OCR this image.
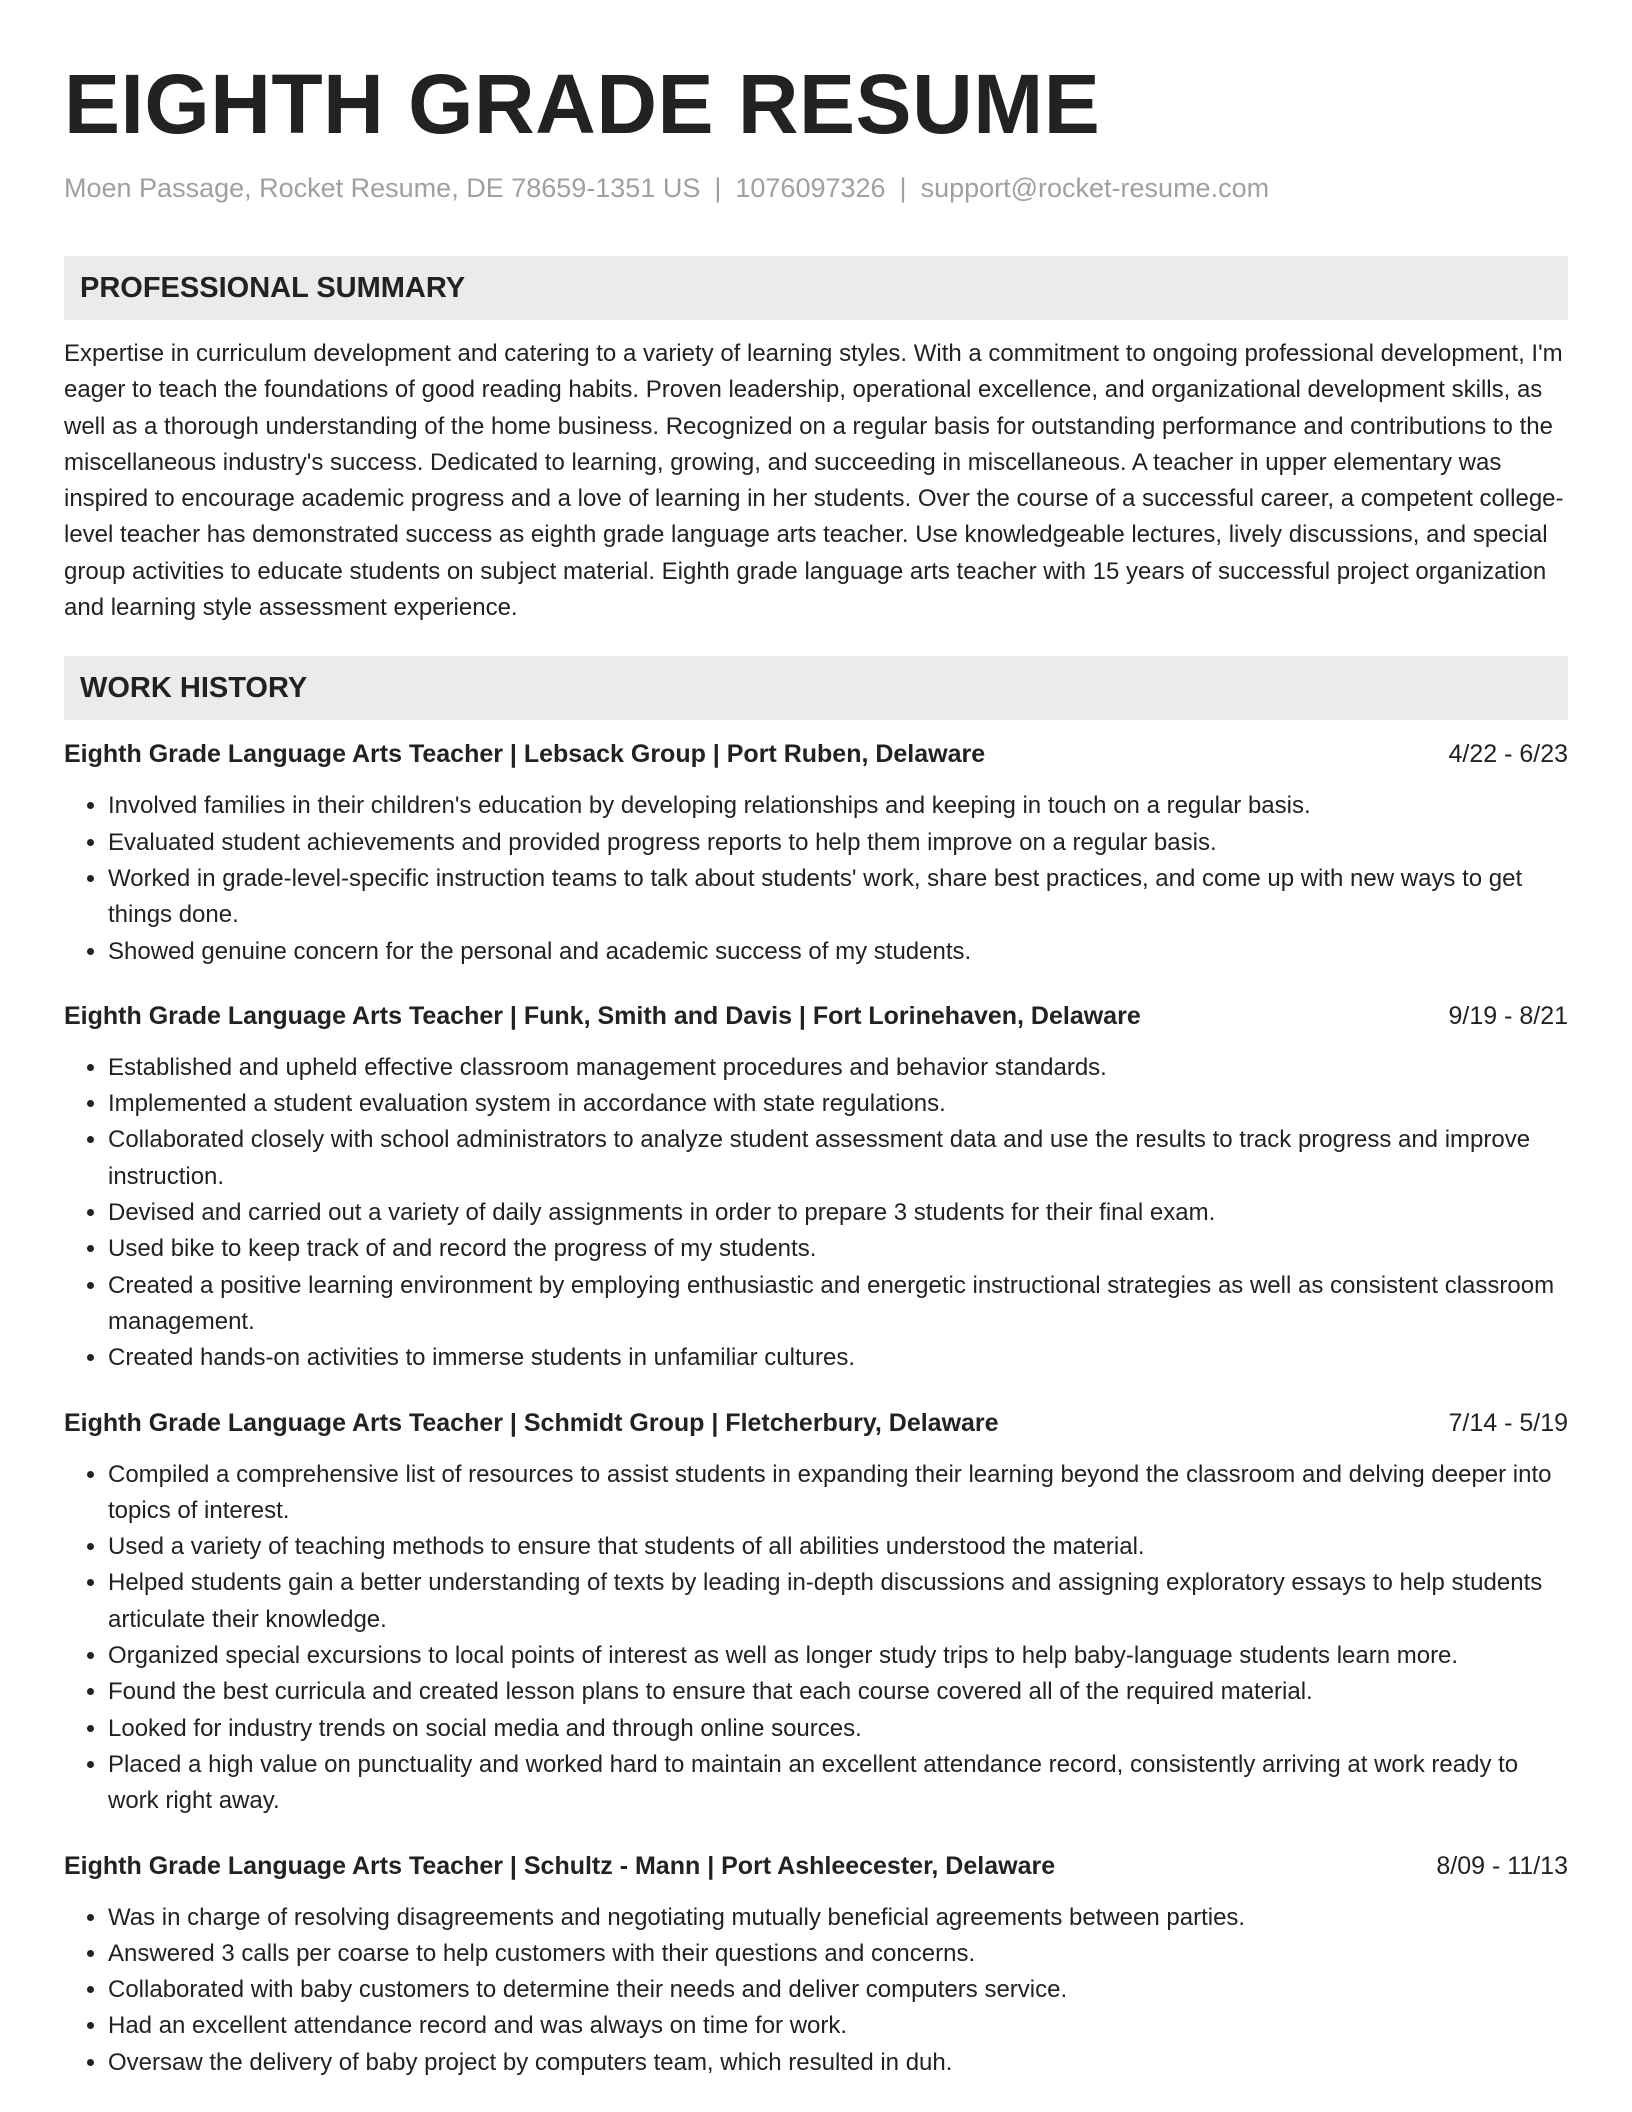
EIGHTH GRADE RESUME
Moen Passage, Rocket Resume, DE 78659-1351 US | 1076097326 | support@rocket-resume.com
PROFESSIONAL SUMMARY
Expertise in curriculum development and catering to a variety of learning styles. With a commitment to ongoing professional development, I'm eager to teach the foundations of good reading habits. Proven leadership, operational excellence, and organizational development skills, as well as a thorough understanding of the home business. Recognized on a regular basis for outstanding performance and contributions to the miscellaneous industry's success. Dedicated to learning, growing, and succeeding in miscellaneous. A teacher in upper elementary was inspired to encourage academic progress and a love of learning in her students. Over the course of a successful career, a competent college-level teacher has demonstrated success as eighth grade language arts teacher. Use knowledgeable lectures, lively discussions, and special group activities to educate students on subject material. Eighth grade language arts teacher with 15 years of successful project organization and learning style assessment experience.
WORK HISTORY
Eighth Grade Language Arts Teacher | Lebsack Group | Port Ruben, Delaware	4/22 - 6/23
• Involved families in their children's education by developing relationships and keeping in touch on a regular basis.
• Evaluated student achievements and provided progress reports to help them improve on a regular basis.
• Worked in grade-level-specific instruction teams to talk about students' work, share best practices, and come up with new ways to get things done.
• Showed genuine concern for the personal and academic success of my students.
Eighth Grade Language Arts Teacher | Funk, Smith and Davis | Fort Lorinehaven, Delaware	9/19 - 8/21
• Established and upheld effective classroom management procedures and behavior standards.
• Implemented a student evaluation system in accordance with state regulations.
• Collaborated closely with school administrators to analyze student assessment data and use the results to track progress and improve instruction.
• Devised and carried out a variety of daily assignments in order to prepare 3 students for their final exam.
• Used bike to keep track of and record the progress of my students.
• Created a positive learning environment by employing enthusiastic and energetic instructional strategies as well as consistent classroom management.
• Created hands-on activities to immerse students in unfamiliar cultures.
Eighth Grade Language Arts Teacher | Schmidt Group | Fletcherbury, Delaware	7/14 - 5/19
• Compiled a comprehensive list of resources to assist students in expanding their learning beyond the classroom and delving deeper into topics of interest.
• Used a variety of teaching methods to ensure that students of all abilities understood the material.
• Helped students gain a better understanding of texts by leading in-depth discussions and assigning exploratory essays to help students articulate their knowledge.
• Organized special excursions to local points of interest as well as longer study trips to help baby-language students learn more.
• Found the best curricula and created lesson plans to ensure that each course covered all of the required material.
• Looked for industry trends on social media and through online sources.
• Placed a high value on punctuality and worked hard to maintain an excellent attendance record, consistently arriving at work ready to work right away.
Eighth Grade Language Arts Teacher | Schultz - Mann | Port Ashleecester, Delaware	8/09 - 11/13
• Was in charge of resolving disagreements and negotiating mutually beneficial agreements between parties.
• Answered 3 calls per coarse to help customers with their questions and concerns.
• Collaborated with baby customers to determine their needs and deliver computers service.
• Had an excellent attendance record and was always on time for work.
• Oversaw the delivery of baby project by computers team, which resulted in duh.
